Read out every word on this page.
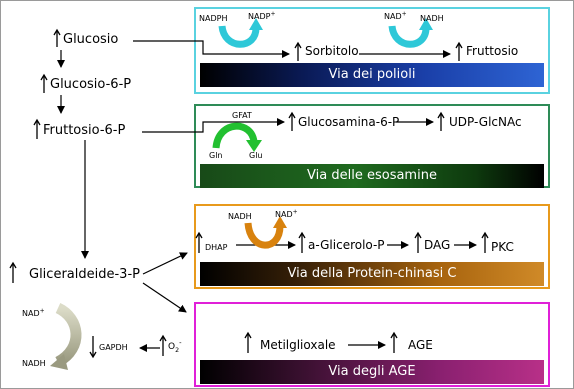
Via dei polioli
Via delle esosamine
Via della Protein-chinasi C
Via degli AGE
Glucosio
Glucosio-6-P
Fruttosio-6-P
Gliceraldeide-3-P
NAD+
NADH
GAPDH	$O_2^-$
NADPH	NADP+	NAD+
NADH
Sorbitolo	Fruttosio
GFAT
Gln	Glu
Glucosamina-6-P	UDP-GlcNAc
NADH	NAD+
DHAP	a-Glicerolo-P	DAG	PKC
Metilglioxale	AGE
